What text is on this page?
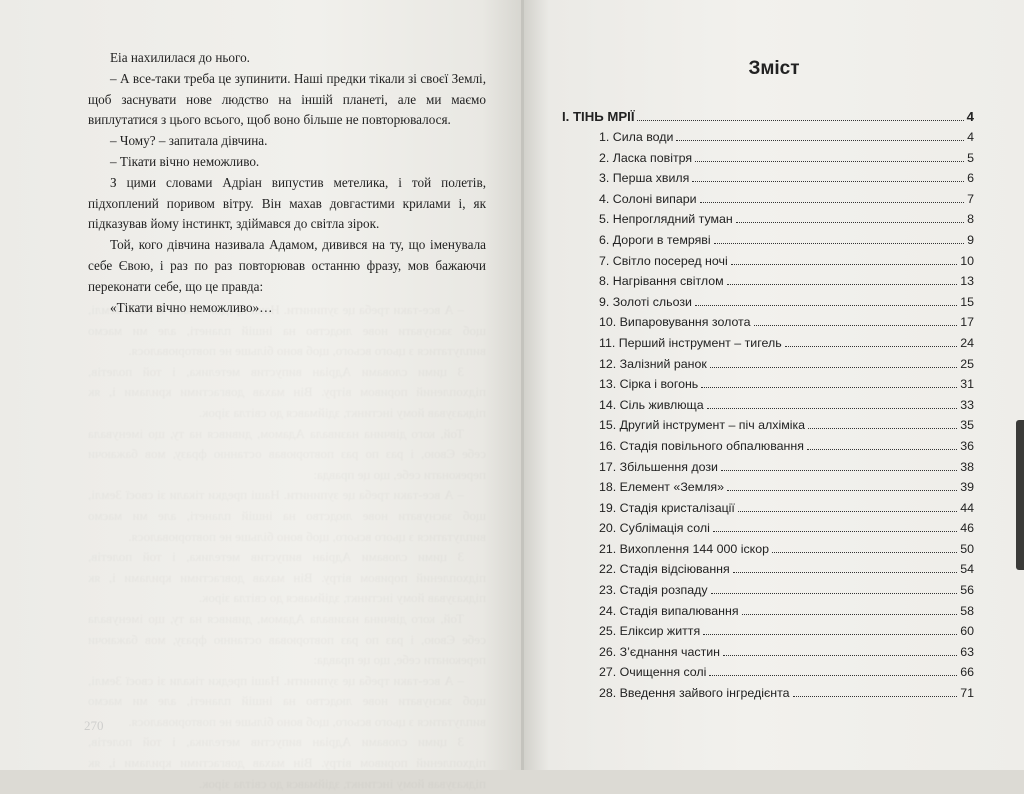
Еіа нахилилася до нього.

– А все-таки треба це зупинити. Наші предки тікали зі своєї Землі, щоб заснувати нове людство на іншій планеті, але ми маємо виплутатися з цього всього, щоб воно більше не повторювалося.

– Чому? – запитала дівчина.

– Тікати вічно неможливо.

З цими словами Адріан випустив метелика, і той полетів, підхоплений поривом вітру. Він махав довгастими крилами і, як підказував йому інстинкт, здіймався до світла зірок.

Той, кого дівчина називала Адамом, дивився на ту, що іменувала себе Євою, і раз по раз повторював останню фразу, мов бажаючи переконати себе, що це правда:

«Тікати вічно неможливо»…

270
Зміст
I. ТІНЬ МРІЇ	4
1. Сила води	4
2. Ласка повітря	5
3. Перша хвиля	6
4. Солоні випари	7
5. Непроглядний туман	8
6. Дороги в темряві	9
7. Світло посеред ночі	10
8. Нагрівання світлом	13
9. Золоті сльози	15
10. Випаровування золота	17
11. Перший інструмент – тигель	24
12. Залізний ранок	25
13. Сірка і вогонь	31
14. Сіль живлюща	33
15. Другий інструмент – піч алхіміка	35
16. Стадія повільного обпалювання	36
17. Збільшення дози	38
18. Елемент «Земля»	39
19. Стадія кристалізації	44
20. Сублімація солі	46
21. Вихоплення 144 000 іскор	50
22. Стадія відсіювання	54
23. Стадія розпаду	56
24. Стадія випалювання	58
25. Еліксир життя	60
26. З’єднання частин	63
27. Очищення солі	66
28. Введення зайвого інгредієнта	71
